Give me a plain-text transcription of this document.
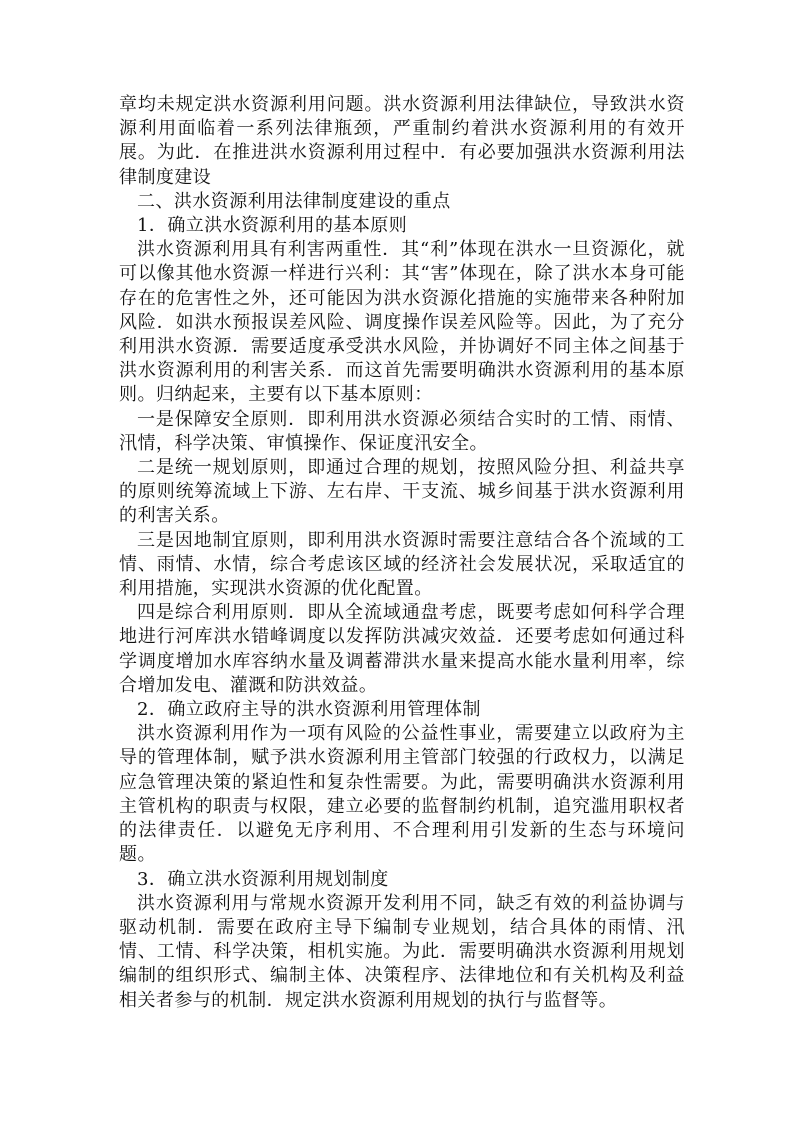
章均未规定洪水资源利用问题。洪水资源利用法律缺位，导致洪水资源利用面临着一系列法律瓶颈，严重制约着洪水资源利用的有效开展。为此．在推进洪水资源利用过程中．有必要加强洪水资源利用法律制度建设

二、洪水资源利用法律制度建设的重点

1．确立洪水资源利用的基本原则

洪水资源利用具有利害两重性．其“利”体现在洪水一旦资源化，就可以像其他水资源一样进行兴利：其“害”体现在，除了洪水本身可能存在的危害性之外，还可能因为洪水资源化措施的实施带来各种附加风险．如洪水预报误差风险、调度操作误差风险等。因此，为了充分利用洪水资源．需要适度承受洪水风险，并协调好不同主体之间基于洪水资源利用的利害关系．而这首先需要明确洪水资源利用的基本原则。归纳起来，主要有以下基本原则：

一是保障安全原则．即利用洪水资源必须结合实时的工情、雨情、汛情，科学决策、审慎操作、保证度汛安全。

二是统一规划原则，即通过合理的规划，按照风险分担、利益共享的原则统筹流域上下游、左右岸、干支流、城乡间基于洪水资源利用的利害关系。

三是因地制宜原则，即利用洪水资源时需要注意结合各个流域的工情、雨情、水情，综合考虑该区域的经济社会发展状况，采取适宜的利用措施，实现洪水资源的优化配置。

四是综合利用原则．即从全流域通盘考虑，既要考虑如何科学合理地进行河库洪水错峰调度以发挥防洪减灾效益．还要考虑如何通过科学调度增加水库容纳水量及调蓄滞洪水量来提高水能水量利用率，综合增加发电、灌溉和防洪效益。

2．确立政府主导的洪水资源利用管理体制

洪水资源利用作为一项有风险的公益性事业，需要建立以政府为主导的管理体制，赋予洪水资源利用主管部门较强的行政权力，以满足应急管理决策的紧迫性和复杂性需要。为此，需要明确洪水资源利用主管机构的职责与权限，建立必要的监督制约机制，追究滥用职权者的法律责任．以避免无序利用、不合理利用引发新的生态与环境问题。

3．确立洪水资源利用规划制度

洪水资源利用与常规水资源开发利用不同，缺乏有效的利益协调与驱动机制．需要在政府主导下编制专业规划，结合具体的雨情、汛情、工情、科学决策，相机实施。为此．需要明确洪水资源利用规划编制的组织形式、编制主体、决策程序、法律地位和有关机构及利益相关者参与的机制．规定洪水资源利用规划的执行与监督等。
